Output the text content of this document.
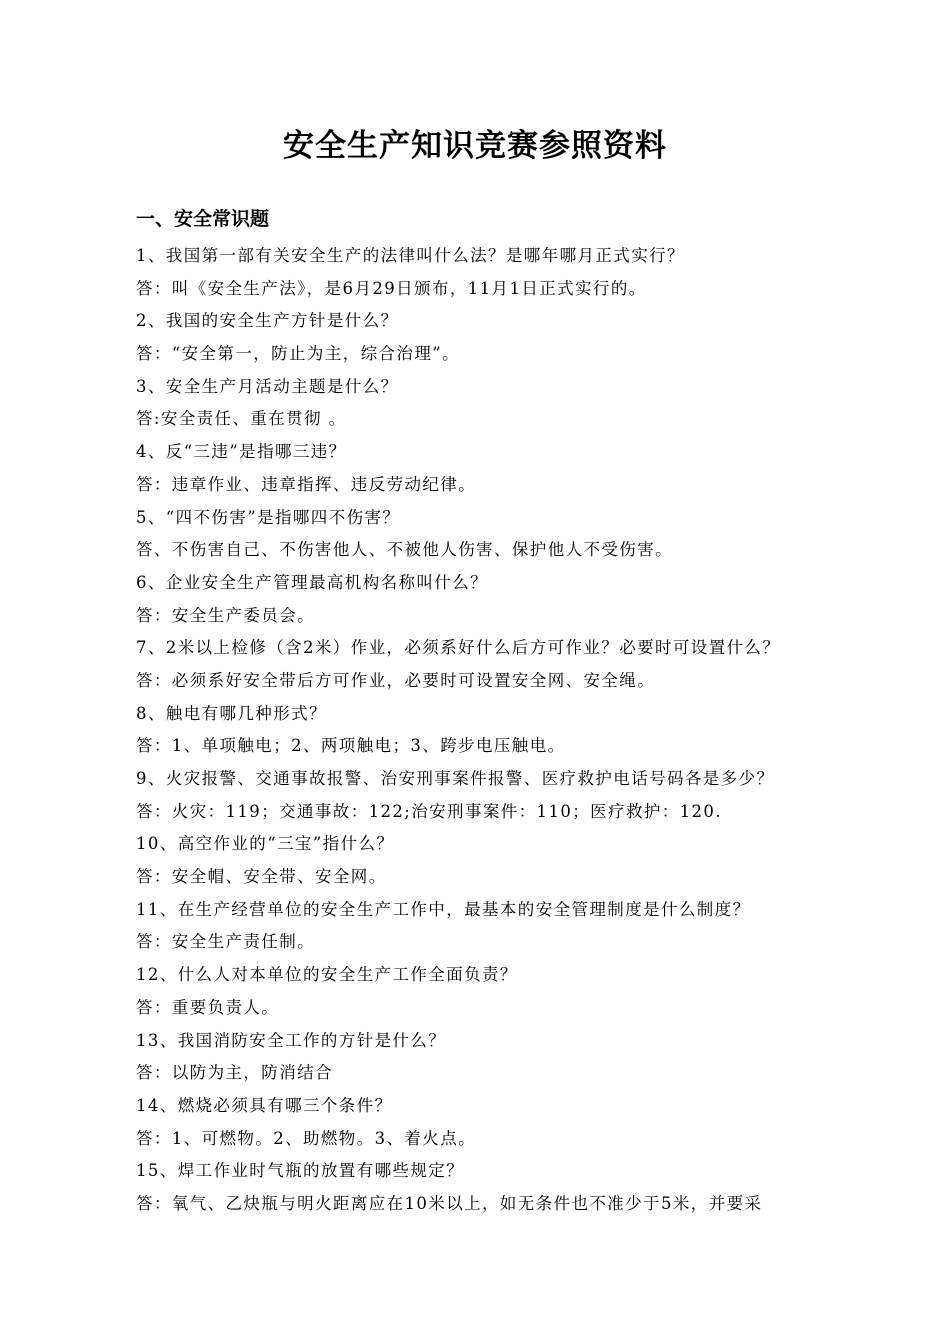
安全生产知识竞赛参照资料
一、安全常识题
1、我国第一部有关安全生产的法律叫什么法？是哪年哪月正式实行？
答：叫《安全生产法》，是6月29日颁布，11月1日正式实行的。
2、我国的安全生产方针是什么？
答：“安全第一，防止为主，综合治理”。
3、安全生产月活动主题是什么？
答:安全责任、重在贯彻 。
4、反“三违”是指哪三违？
答：违章作业、违章指挥、违反劳动纪律。
5、“四不伤害”是指哪四不伤害？
答、不伤害自己、不伤害他人、不被他人伤害、保护他人不受伤害。
6、企业安全生产管理最高机构名称叫什么？
答：安全生产委员会。
7、2米以上检修（含2米）作业，必须系好什么后方可作业？必要时可设置什么？
答：必须系好安全带后方可作业，必要时可设置安全网、安全绳。
8、触电有哪几种形式？
答：1、单项触电；2、两项触电；3、跨步电压触电。
9、火灾报警、交通事故报警、治安刑事案件报警、医疗救护电话号码各是多少？
答：火灾：119；交通事故：122;治安刑事案件：110；医疗救护：120.
10、高空作业的“三宝”指什么？
答：安全帽、安全带、安全网。
11、在生产经营单位的安全生产工作中，最基本的安全管理制度是什么制度？
答：安全生产责任制。
12、什么人对本单位的安全生产工作全面负责？
答：重要负责人。
13、我国消防安全工作的方针是什么？
答：以防为主，防消结合
14、燃烧必须具有哪三个条件？
答：1、可燃物。2、助燃物。3、着火点。
15、焊工作业时气瓶的放置有哪些规定？
答：氧气、乙炔瓶与明火距离应在10米以上，如无条件也不准少于5米，并要采
